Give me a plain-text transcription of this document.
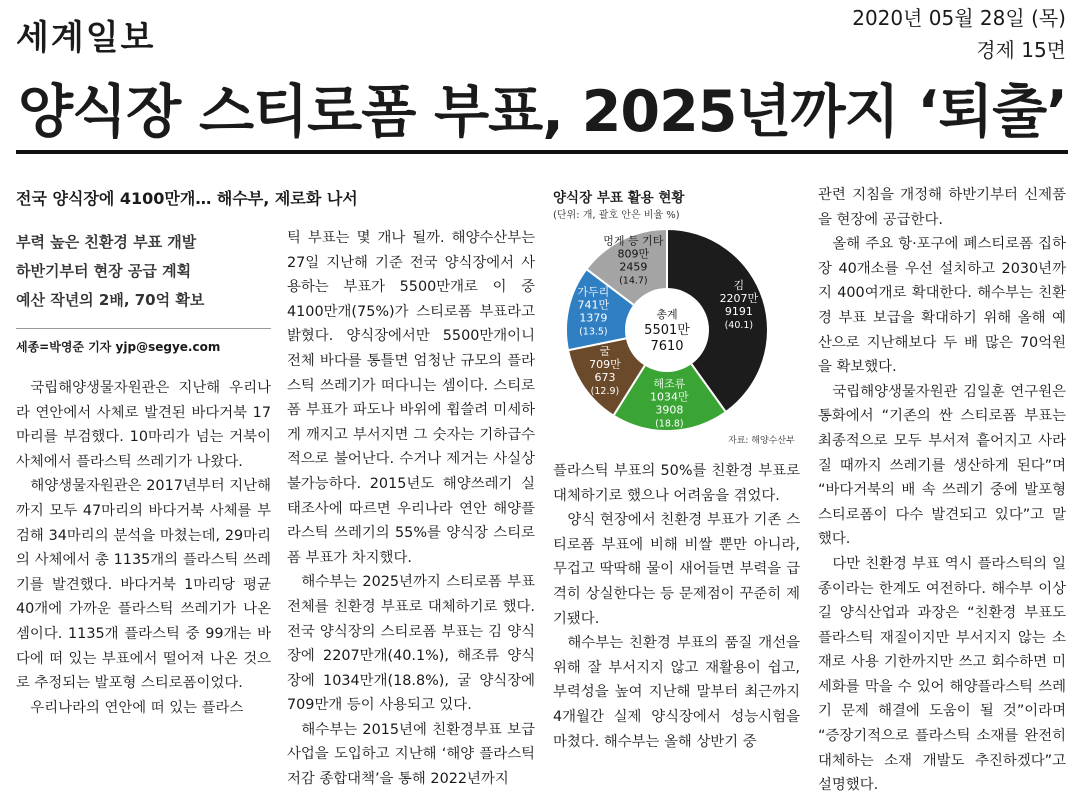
세계일보	2020년 05월 28일 (목)
경제 15면
양식장 스티로폼 부표, 2025년까지 ‘퇴출’
전국 양식장에 4100만개… 해수부, 제로화 나서
부력 높은 친환경 부표 개발
하반기부터 현장 공급 계획
예산 작년의 2배, 70억 확보
세종=박영준 기자 yjp@segye.com

국립해양생물자원관은 지난해 우리나라 연안에서 사체로 발견된 바다거북 17마리를 부검했다. 10마리가 넘는 거북이 사체에서 플라스틱 쓰레기가 나왔다.

해양생물자원관은 2017년부터 지난해까지 모두 47마리의 바다거북 사체를 부검해 34마리의 분석을 마쳤는데, 29마리의 사체에서 총 1135개의 플라스틱 쓰레기를 발견했다. 바다거북 1마리당 평균 40개에 가까운 플라스틱 쓰레기가 나온 셈이다. 1135개 플라스틱 중 99개는 바다에 떠 있는 부표에서 떨어져 나온 것으로 추정되는 발포형 스티로폼이었다.

우리나라의 연안에 떠 있는 플라스

틱 부표는 몇 개나 될까. 해양수산부는 27일 지난해 기준 전국 양식장에서 사용하는 부표가 5500만개로 이 중 4100만개(75%)가 스티로폼 부표라고 밝혔다. 양식장에서만 5500만개이니 전체 바다를 통틀면 엄청난 규모의 플라스틱 쓰레기가 떠다니는 셈이다. 스티로폼 부표가 파도나 바위에 휩쓸려 미세하게 깨지고 부서지면 그 숫자는 기하급수적으로 불어난다. 수거나 제거는 사실상 불가능하다. 2015년도 해양쓰레기 실태조사에 따르면 우리나라 연안 해양플라스틱 쓰레기의 55%를 양식장 스티로폼 부표가 차지했다.

해수부는 2025년까지 스티로폼 부표 전체를 친환경 부표로 대체하기로 했다. 전국 양식장의 스티로폼 부표는 김 양식장에 2207만개(40.1%), 해조류 양식장에 1034만개(18.8%), 굴 양식장에 709만개 등이 사용되고 있다.

해수부는 2015년에 친환경부표 보급사업을 도입하고 지난해 ‘해양 플라스틱 저감 종합대책’을 통해 2022년까지

플라스틱 부표의 50%를 친환경 부표로 대체하기로 했으나 어려움을 겪었다.

양식 현장에서 친환경 부표가 기존 스티로폼 부표에 비해 비쌀 뿐만 아니라, 무겁고 딱딱해 물이 새어들면 부력을 급격히 상실한다는 등 문제점이 꾸준히 제기됐다.

해수부는 친환경 부표의 품질 개선을 위해 잘 부서지지 않고 재활용이 쉽고, 부력성을 높여 지난해 말부터 최근까지 4개월간 실제 양식장에서 성능시험을 마쳤다. 해수부는 올해 상반기 중

관련 지침을 개정해 하반기부터 신제품을 현장에 공급한다.

올해 주요 항·포구에 폐스티로폼 집하장 40개소를 우선 설치하고 2030년까지 400여개로 확대한다. 해수부는 친환경 부표 보급을 확대하기 위해 올해 예산으로 지난해보다 두 배 많은 70억원을 확보했다.

국립해양생물자원관 김일훈 연구원은 통화에서 “기존의 싼 스티로폼 부표는 최종적으로 모두 부서져 흩어지고 사라질 때까지 쓰레기를 생산하게 된다”며 “바다거북의 배 속 쓰레기 중에 발포형 스티로폼이 다수 발견되고 있다”고 말했다.

다만 친환경 부표 역시 플라스틱의 일종이라는 한계도 여전하다. 해수부 이상길 양식산업과 과장은 “친환경 부표도 플라스틱 재질이지만 부서지지 않는 소재로 사용 기한까지만 쓰고 회수하면 미세화를 막을 수 있어 해양플라스틱 쓰레기 문제 해결에 도움이 될 것”이라며 “증장기적으로 플라스틱 소재를 완전히 대체하는 소재 개발도 추진하겠다”고 설명했다.

양식장 부표 활용 현황
(단위: 개, 괄호 안은 비율 %)
김
2207만
9191
(40.1)
해조류
1034만
3908
(18.8)
굴
709만
673
(12.9)
가두리
741만
1379
(13.5)
멍게 등 기타
809만
2459
(14.7)
총계
5501만
7610
자료: 해양수산부
